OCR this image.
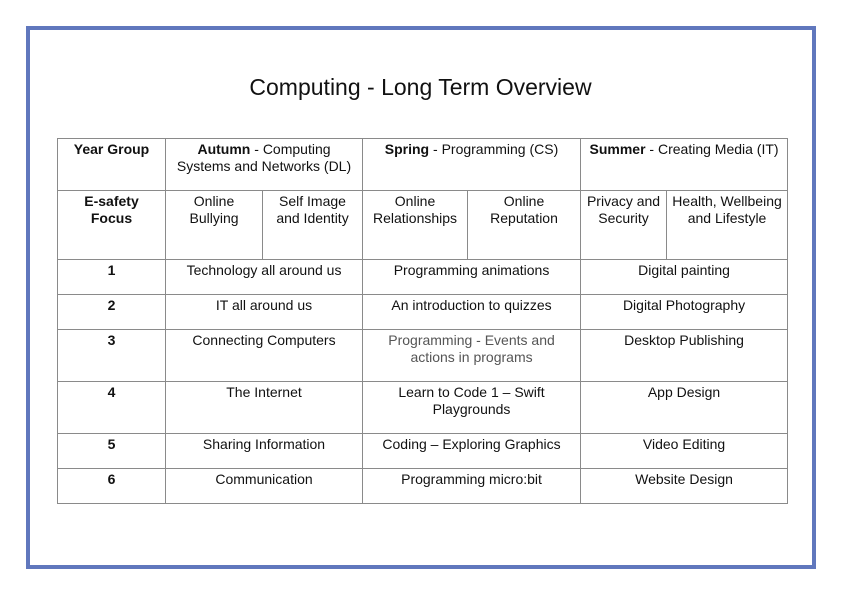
Computing - Long Term Overview
Year Group	Autumn - Computing Systems and Networks (DL)		Spring - Programming (CS)		Summer - Creating Media (IT)	
E-safety Focus	Online Bullying	Self Image and Identity	Online Relationships	Online Reputation	Privacy and Security	Health, Wellbeing and Lifestyle
1	Technology all around us		Programming animations		Digital painting	
2	IT all around us		An introduction to quizzes		Digital Photography	
3	Connecting Computers		Programming - Events and actions in programs		Desktop Publishing	
4	The Internet		Learn to Code 1 – Swift Playgrounds		App Design	
5	Sharing Information		Coding – Exploring Graphics		Video Editing	
6	Communication		Programming micro:bit		Website Design	
